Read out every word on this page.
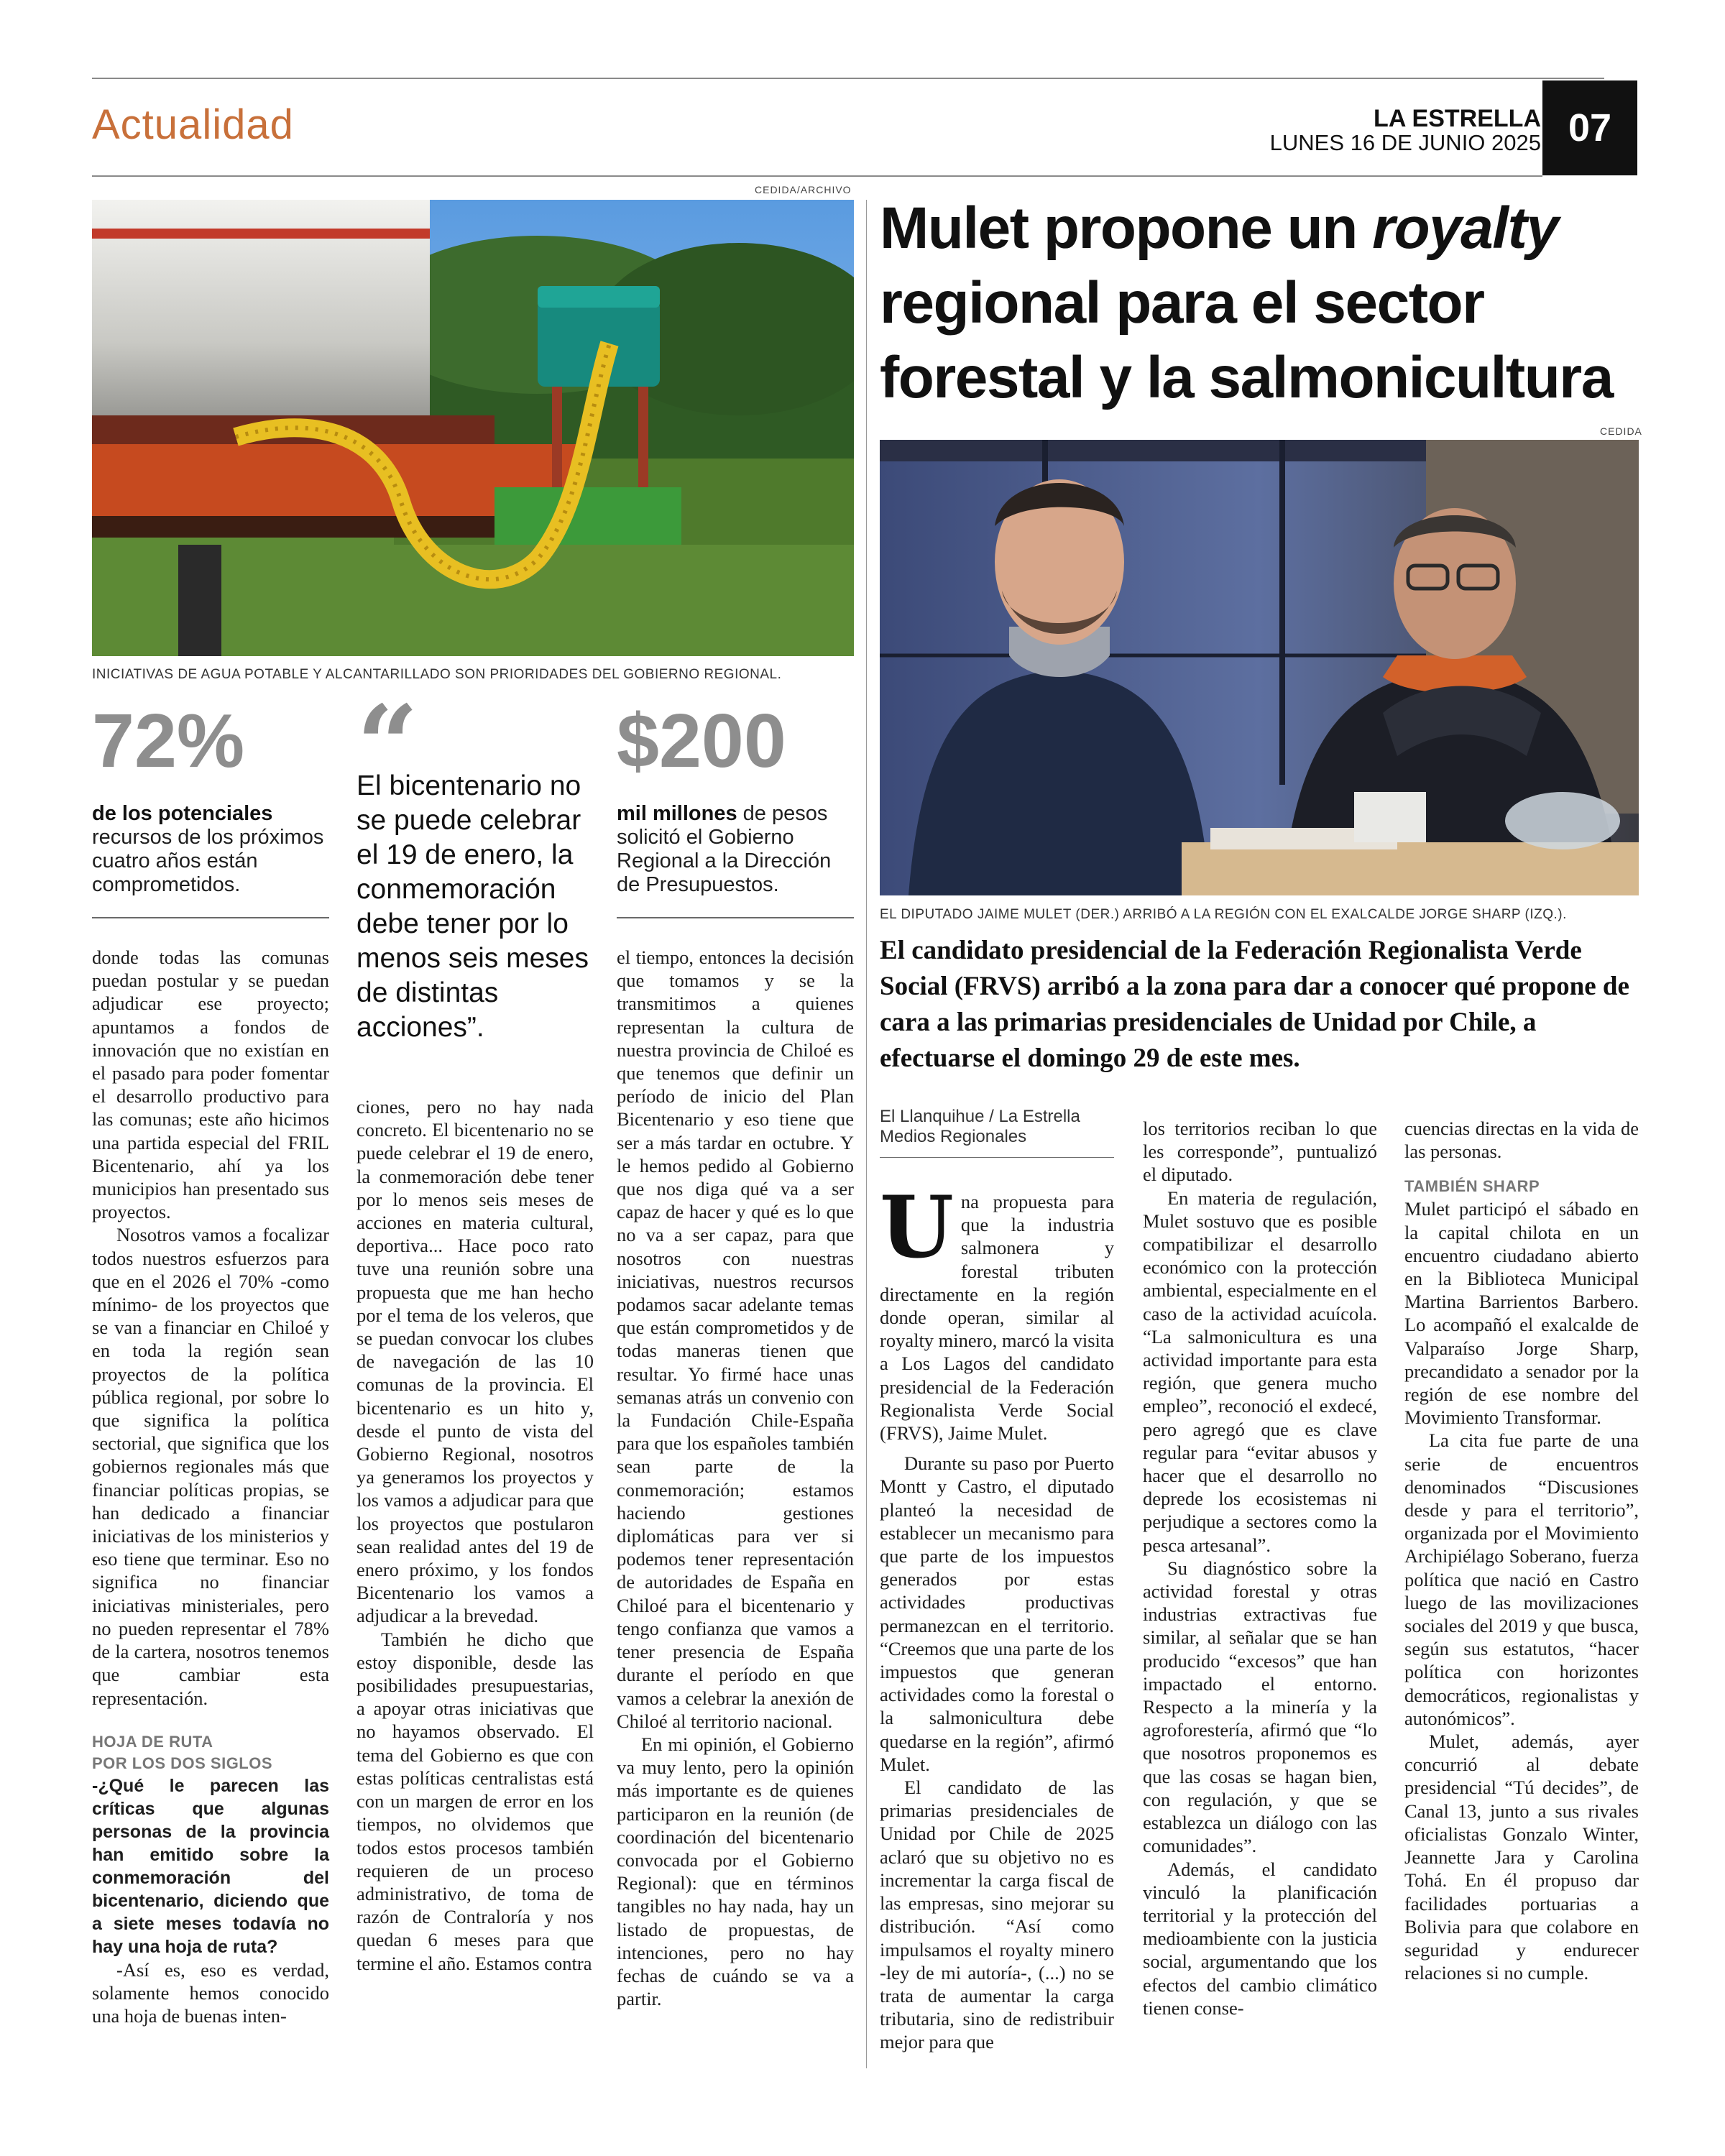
Actualidad	LA ESTRELLA
LUNES 16 DE JUNIO 2025 07
CEDIDA/ARCHIVO
INICIATIVAS DE AGUA POTABLE Y ALCANTARILLADO SON PRIORIDADES DEL GOBIERNO REGIONAL.
72%
de los potenciales
recursos de los próximos cuatro años están comprometidos.
“
El bicentenario no se puede celebrar el 19 de enero, la conmemoración debe tener por lo menos seis meses de distintas acciones”.
$200
mil millones de pesos solicitó el Gobierno Regional a la Dirección de Presupuestos.

donde todas las comunas puedan postular y se puedan adjudicar ese proyecto; apuntamos a fondos de innovación que no existían en el pasado para poder fomentar el desarrollo productivo para las comunas; este año hicimos una partida especial del FRIL Bicentenario, ahí ya los municipios han presentado sus proyectos.

Nosotros vamos a focalizar todos nuestros esfuerzos para que en el 2026 el 70% -como mínimo- de los proyectos que se van a financiar en Chiloé y en toda la región sean proyectos de la política pública regional, por sobre lo que significa la política sectorial, que significa que los gobiernos regionales más que financiar políticas propias, se han dedicado a financiar iniciativas de los ministerios y eso tiene que terminar. Eso no significa no financiar iniciativas ministeriales, pero no pueden representar el 78% de la cartera, nosotros tenemos que cambiar esta representación.

HOJA DE RUTA
POR LOS DOS SIGLOS

-¿Qué le parecen las críticas que algunas personas de la provincia han emitido sobre la conmemoración del bicentenario, diciendo que a siete meses todavía no hay una hoja de ruta?

-Así es, eso es verdad, solamente hemos conocido una hoja de buenas inten-

ciones, pero no hay nada concreto. El bicentenario no se puede celebrar el 19 de enero, la conmemoración debe tener por lo menos seis meses de acciones en materia cultural, deportiva... Hace poco rato tuve una reunión sobre una propuesta que me han hecho por el tema de los veleros, que se puedan convocar los clubes de navegación de las 10 comunas de la provincia. El bicentenario es un hito y, desde el punto de vista del Gobierno Regional, nosotros ya generamos los proyectos y los vamos a adjudicar para que los proyectos que postularon sean realidad antes del 19 de enero próximo, y los fondos Bicentenario los vamos a adjudicar a la brevedad.

También he dicho que estoy disponible, desde las posibilidades presupuestarias, a apoyar otras iniciativas que no hayamos observado. El tema del Gobierno es que con estas políticas centralistas está con un margen de error en los tiempos, no olvidemos que todos estos procesos también requieren de un proceso administrativo, de toma de razón de Contraloría y nos quedan 6 meses para que termine el año. Estamos contra

el tiempo, entonces la decisión que tomamos y se la transmitimos a quienes representan la cultura de nuestra provincia de Chiloé es que tenemos que definir un período de inicio del Plan Bicentenario y eso tiene que ser a más tardar en octubre. Y le hemos pedido al Gobierno que nos diga qué va a ser capaz de hacer y qué es lo que no va a ser capaz, para que nosotros con nuestras iniciativas, nuestros recursos podamos sacar adelante temas que están comprometidos y de todas maneras tienen que resultar. Yo firmé hace unas semanas atrás un convenio con la Fundación Chile-España para que los españoles también sean parte de la conmemoración; estamos haciendo gestiones diplomáticas para ver si podemos tener representación de autoridades de España en Chiloé para el bicentenario y tengo confianza que vamos a tener presencia de España durante el período en que vamos a celebrar la anexión de Chiloé al territorio nacional.

En mi opinión, el Gobierno va muy lento, pero la opinión más importante es de quienes participaron en la reunión (de coordinación del bicentenario convocada por el Gobierno Regional): que en términos tangibles no hay nada, hay un listado de propuestas, de intenciones, pero no hay fechas de cuándo se va a partir.

Mulet propone un royalty regional para el sector forestal y la salmonicultura
CEDIDA
EL DIPUTADO JAIME MULET (DER.) ARRIBÓ A LA REGIÓN CON EL EXALCALDE JORGE SHARP (IZQ.).
El candidato presidencial de la Federación Regionalista Verde Social (FRVS) arribó a la zona para dar a conocer qué propone de cara a las primarias presidenciales de Unidad por Chile, a efectuarse el domingo 29 de este mes.
El Llanquihue / La Estrella
Medios Regionales
U na propuesta para que la industria salmonera y forestal tributen directamente en la región donde operan, similar al royalty minero, marcó la visita a Los Lagos del candidato presidencial de la Federación Regionalista Verde Social (FRVS), Jaime Mulet.

Durante su paso por Puerto Montt y Castro, el diputado planteó la necesidad de establecer un mecanismo para que parte de los impuestos generados por estas actividades productivas permanezcan en el territorio. “Creemos que una parte de los impuestos que generan actividades como la forestal o la salmonicultura debe quedarse en la región”, afirmó Mulet.

El candidato de las primarias presidenciales de Unidad por Chile de 2025 aclaró que su objetivo no es incrementar la carga fiscal de las empresas, sino mejorar su distribución. “Así como impulsamos el royalty minero -ley de mi autoría-, (...) no se trata de aumentar la carga tributaria, sino de redistribuir mejor para que

los territorios reciban lo que les corresponde”, puntualizó el diputado.

En materia de regulación, Mulet sostuvo que es posible compatibilizar el desarrollo económico con la protección ambiental, especialmente en el caso de la actividad acuícola. “La salmonicultura es una actividad importante para esta región, que genera mucho empleo”, reconoció el exdecé, pero agregó que es clave regular para “evitar abusos y hacer que el desarrollo no depredе los ecosistemas ni perjudique a sectores como la pesca artesanal”.

Su diagnóstico sobre la actividad forestal y otras industrias extractivas fue similar, al señalar que se han producido “excesos” que han impactado el entorno. Respecto a la minería y la agroforestería, afirmó que “lo que nosotros proponemos es que las cosas se hagan bien, con regulación, y que se establezca un diálogo con las comunidades”.

Además, el candidato vinculó la planificación territorial y la protección del medioambiente con la justicia social, argumentando que los efectos del cambio climático tienen conse-

cuencias directas en la vida de las personas.

TAMBIÉN SHARP

Mulet participó el sábado en la capital chilota en un encuentro ciudadano abierto en la Biblioteca Municipal Martina Barrientos Barbero. Lo acompañó el exalcalde de Valparaíso Jorge Sharp, precandidato a senador por la región de ese nombre del Movimiento Transformar.

La cita fue parte de una serie de encuentros denominados “Discusiones desde y para el territorio”, organizada por el Movimiento Archipiélago Soberano, fuerza política que nació en Castro luego de las movilizaciones sociales del 2019 y que busca, según sus estatutos, “hacer política con horizontes democráticos, regionalistas y autonómicos”.

Mulet, además, ayer concurrió al debate presidencial “Tú decides”, de Canal 13, junto a sus rivales oficialistas Gonzalo Winter, Jeannette Jara y Carolina Tohá. En él propuso dar facilidades portuarias a Bolivia para que colabore en seguridad y endurecer relaciones si no cumple.
